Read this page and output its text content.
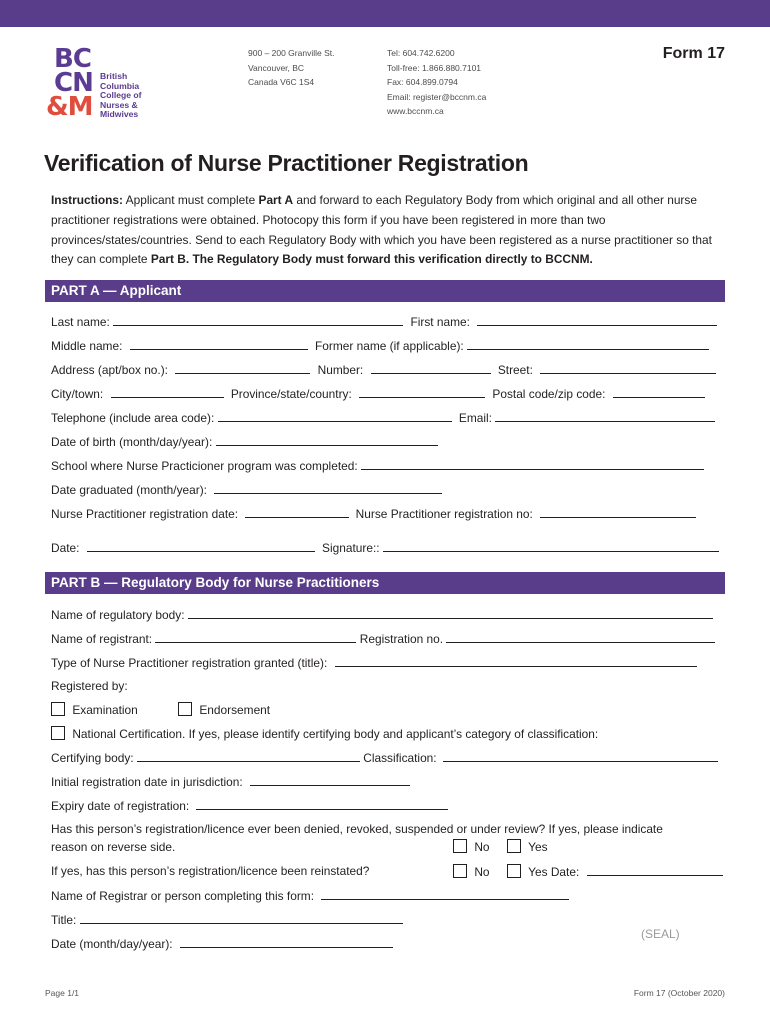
BC
CN
&M
British
Columbia
College of
Nurses &
Midwives
900 – 200 Granville St.
Vancouver, BC
Canada V6C 1S4
Tel: 604.742.6200
Toll-free: 1.866.880.7101
Fax: 604.899.0794
Email: register@bccnm.ca
www.bccnm.ca
Form 17
Verification of Nurse Practitioner Registration
Instructions: Applicant must complete Part A and forward to each Regulatory Body from which original and all other nurse practitioner registrations were obtained. Photocopy this form if you have been registered in more than two provinces/states/countries. Send to each Regulatory Body with which you have been registered as a nurse practitioner so that they can complete Part B. The Regulatory Body must forward this verification directly to BCCNM.
PART A — Applicant
Last name:	First name:
Middle name:	Former name (if applicable):
Address (apt/box no.):	Number:	Street:
City/town:	Province/state/country:	Postal code/zip code:
Telephone (include area code):	Email:
Date of birth (month/day/year):
School where Nurse Practicioner program was completed:
Date graduated (month/year):
Nurse Practitioner registration date:	Nurse Practitioner registration no:
Date:	Signature::
PART B — Regulatory Body for Nurse Practitioners
Name of regulatory body:
Name of registrant:	Registration no.
Type of Nurse Practitioner registration granted (title):
Registered by:
Examination	Endorsement
National Certification. If yes, please identify certifying body and applicant’s category of classification:
Certifying body:	Classification:
Initial registration date in jurisdiction:
Expiry date of registration:
Has this person’s registration/licence ever been denied, revoked, suspended or under review? If yes, please indicate
reason on reverse side.	No	Yes
If yes, has this person’s registration/licence been reinstated?	No	Yes Date:
Name of Registrar or person completing this form:
Title:
Date (month/day/year):
(SEAL)
Page 1/1	Form 17 (October 2020)
